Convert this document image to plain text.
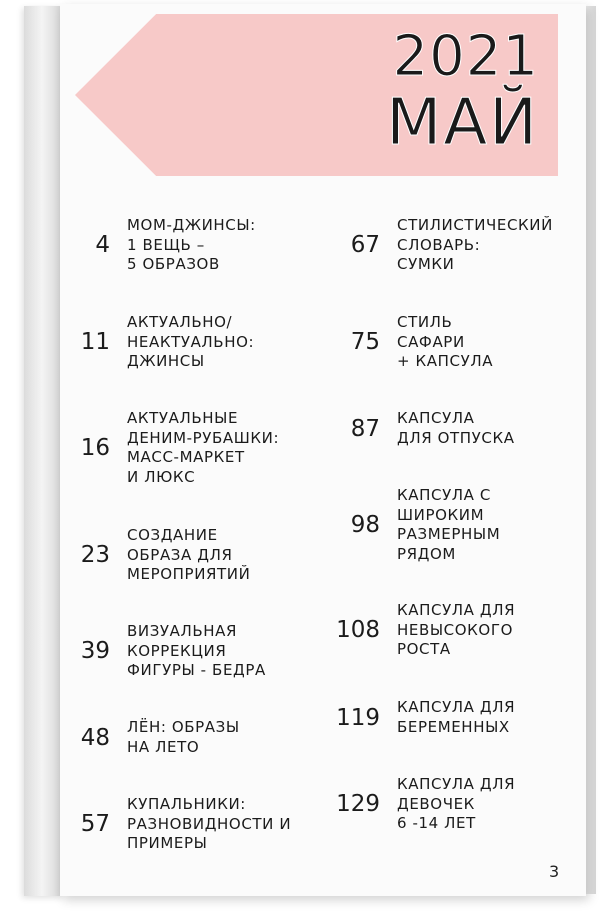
2021
МАЙ
4
МОМ-ДЖИНСЫ:
1 ВЕЩЬ –
5 ОБРАЗОВ
11
АКТУАЛЬНО/
НЕАКТУАЛЬНО:
ДЖИНСЫ
16
АКТУАЛЬНЫЕ
ДЕНИМ-РУБАШКИ:
МАСС-МАРКЕТ
И ЛЮКС
23
СОЗДАНИЕ
ОБРАЗА ДЛЯ
МЕРОПРИЯТИЙ
39
ВИЗУАЛЬНАЯ
КОРРЕКЦИЯ
ФИГУРЫ - БЕДРА
48 ЛЁН: ОБРАЗЫ
НА ЛЕТО
57
КУПАЛЬНИКИ:
РАЗНОВИДНОСТИ И
ПРИМЕРЫ
67
СТИЛИСТИЧЕСКИЙ
СЛОВАРЬ:
СУМКИ
75
СТИЛЬ
САФАРИ
+ КАПСУЛА
87 КАПСУЛА
ДЛЯ ОТПУСКА
98
КАПСУЛА С
ШИРОКИМ
РАЗМЕРНЫМ
РЯДОМ
108
КАПСУЛА ДЛЯ
НЕВЫСОКОГО
РОСТА
119 КАПСУЛА ДЛЯ
БЕРЕМЕННЫХ
129
КАПСУЛА ДЛЯ
ДЕВОЧЕК
6 -14 ЛЕТ
3
